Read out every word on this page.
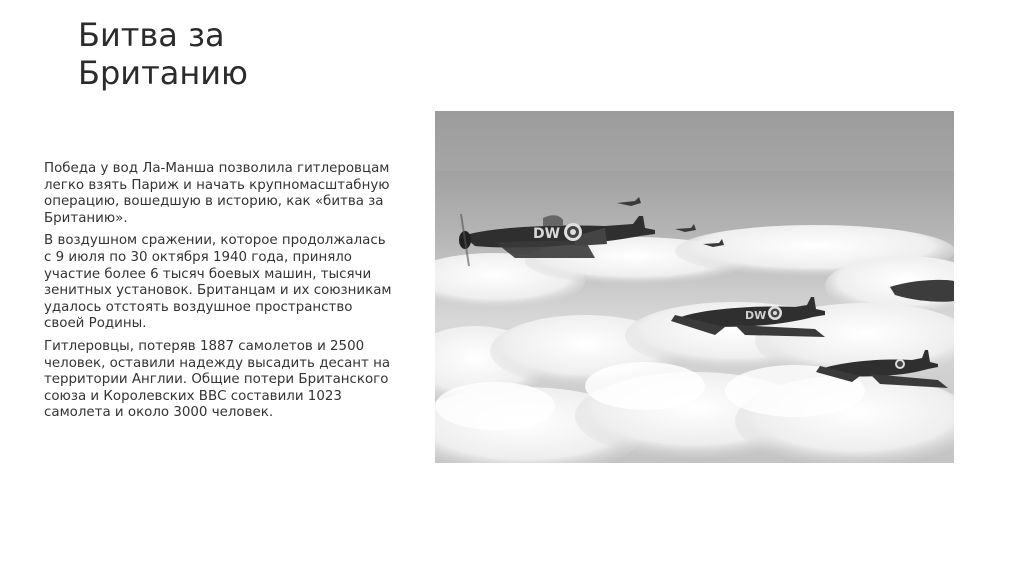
Битва за
Британию

Победа у вод Ла-Манша позволила гитлеровцам легко взять Париж и начать крупномасштабную операцию, вошедшую в историю, как «битва за Британию».

В воздушном сражении, которое продолжалась с 9 июля по 30 октября 1940 года, приняло участие более 6 тысяч боевых машин, тысячи зенитных установок. Британцам и их союзникам удалось отстоять воздушное пространство своей Родины.

Гитлеровцы, потеряв 1887 самолетов и 2500 человек, оставили надежду высадить десант на территории Англии. Общие потери Британского союза и Королевских ВВС составили 1023 самолета и около 3000 человек.

DW
DW
